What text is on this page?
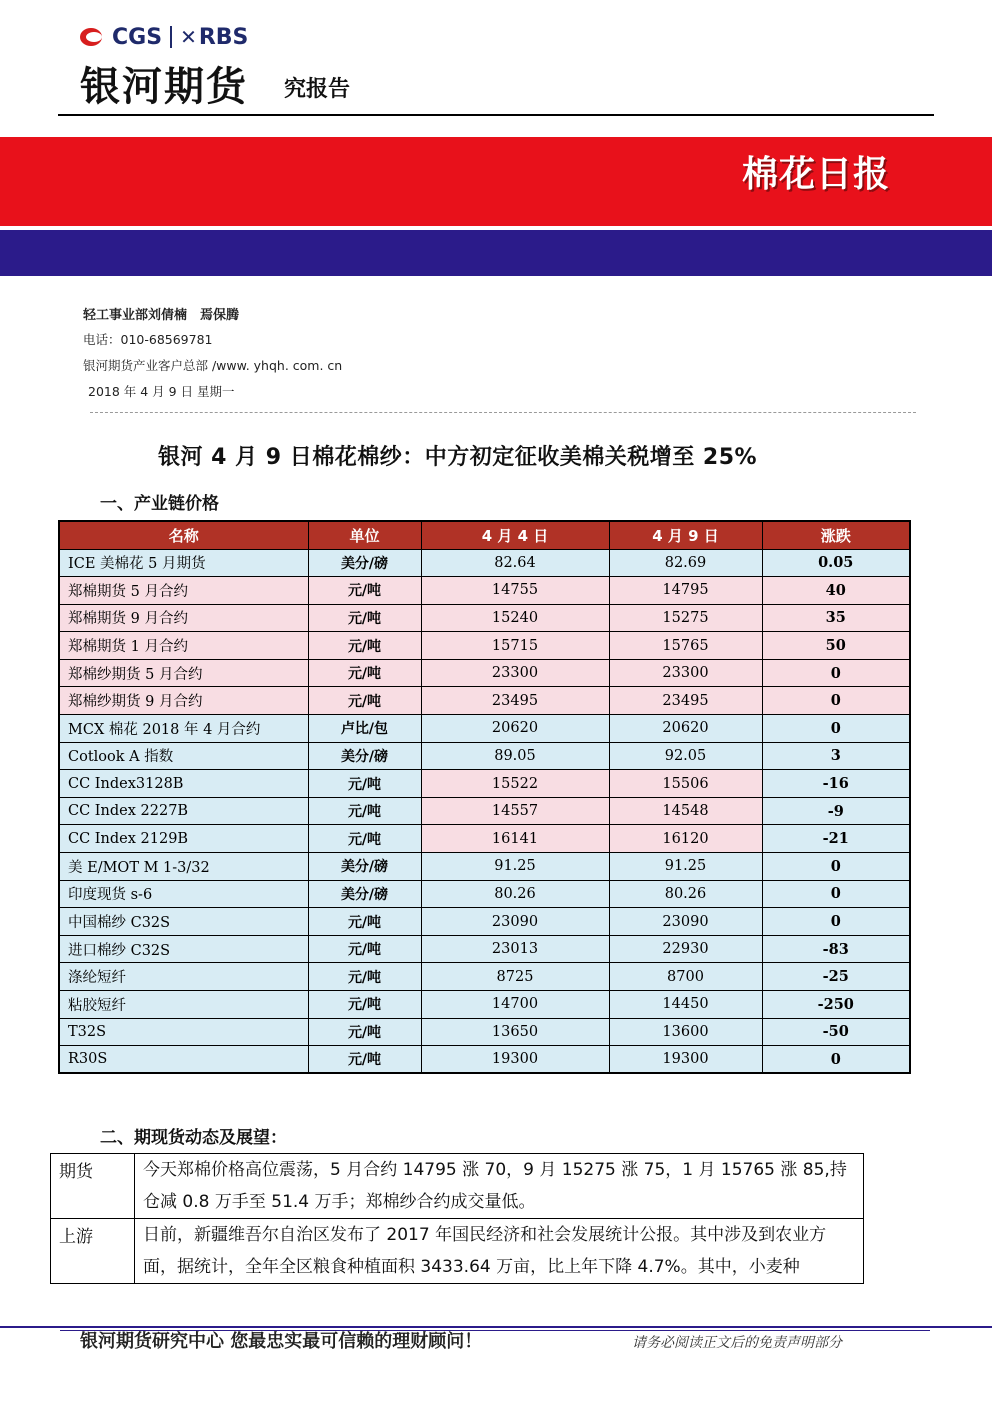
CGS ✕ RBS
银河期货 究报告
棉花日报
轻工事业部刘倩楠　焉保腾
电话：010-68569781
银河期货产业客户总部 /www. yhqh. com. cn
2018 年 4 月 9 日 星期一
银河 4 月 9 日棉花棉纱：中方初定征收美棉关税增至 25%
一、产业链价格
名称	单位	4 月 4 日	4 月 9 日	涨跌
ICE 美棉花 5 月期货	美分/磅	82.64	82.69	0.05
郑棉期货 5 月合约	元/吨	14755	14795	40
郑棉期货 9 月合约	元/吨	15240	15275	35
郑棉期货 1 月合约	元/吨	15715	15765	50
郑棉纱期货 5 月合约	元/吨	23300	23300	0
郑棉纱期货 9 月合约	元/吨	23495	23495	0
MCX 棉花 2018 年 4 月合约	卢比/包	20620	20620	0
Cotlook A 指数	美分/磅	89.05	92.05	3
CC Index3128B	元/吨	15522	15506	-16
CC Index 2227B	元/吨	14557	14548	-9
CC Index 2129B	元/吨	16141	16120	-21
美 E/MOT M 1-3/32	美分/磅	91.25	91.25	0
印度现货 s-6	美分/磅	80.26	80.26	0
中国棉纱 C32S	元/吨	23090	23090	0
进口棉纱 C32S	元/吨	23013	22930	-83
涤纶短纤	元/吨	8725	8700	-25
粘胶短纤	元/吨	14700	14450	-250
T32S	元/吨	13650	13600	-50
R30S	元/吨	19300	19300	0
二、期现货动态及展望：
期货	今天郑棉价格高位震荡，5 月合约 14795 涨 70，9 月 15275 涨 75，1 月 15765 涨 85,持仓减 0.8 万手至 51.4 万手；郑棉纱合约成交量低。
上游	日前，新疆维吾尔自治区发布了 2017 年国民经济和社会发展统计公报。其中涉及到农业方面，据统计，全年全区粮食种植面积 3433.64 万亩，比上年下降 4.7%。其中，小麦种
银河期货研究中心 您最忠实最可信赖的理财顾问！	请务必阅读正文后的免责声明部分
